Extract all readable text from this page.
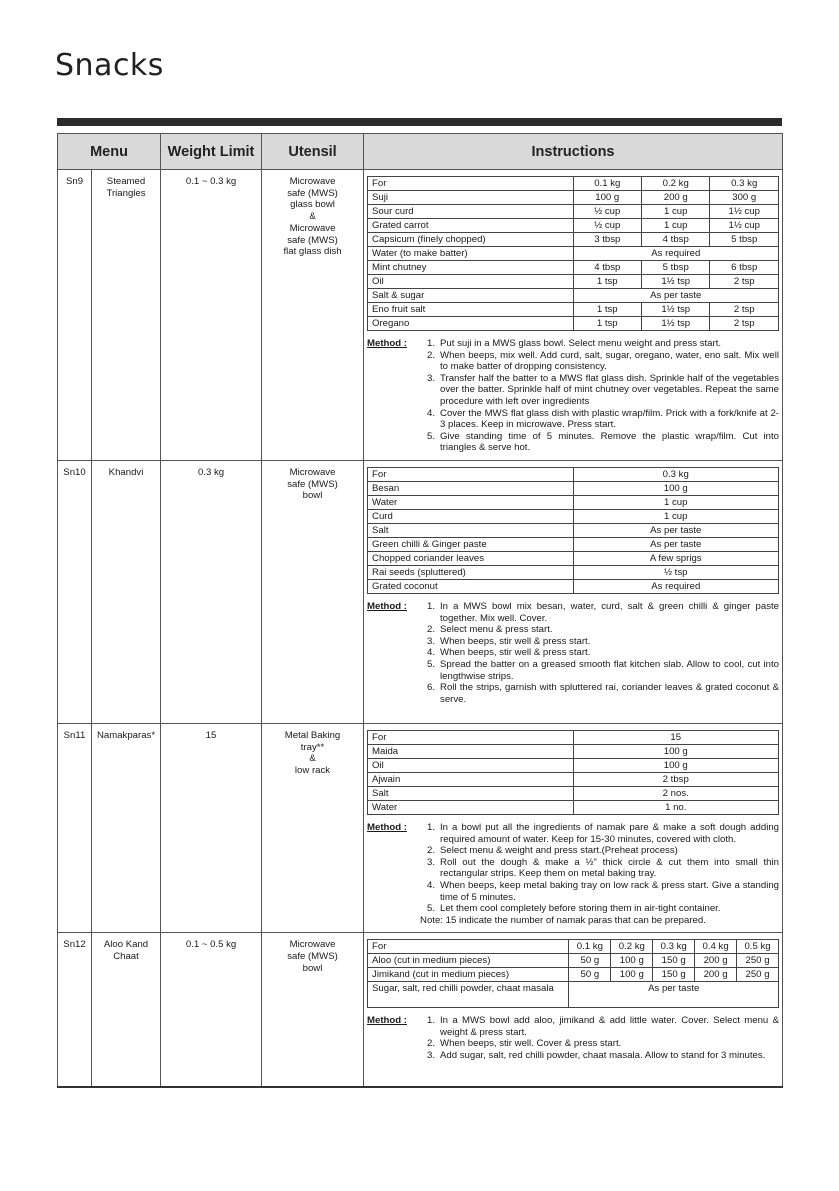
Snacks
Menu	Weight Limit	Utensil	Instructions
Sn9	Steamed
Triangles
	0.1 ~ 0.3 kg	Microwave
safe (MWS)
glass bowl
&
Microwave
safe (MWS)
flat glass dish

For	0.1 kg	0.2 kg	0.3 kg
Suji	100 g	200 g	300 g
Sour curd	½ cup	1 cup	1½ cup
Grated carrot	½ cup	1 cup	1½ cup
Capsicum (finely chopped)	3 tbsp	4 tbsp	5 tbsp
Water (to make batter)	As required
Mint chutney	4 tbsp	5 tbsp	6 tbsp
Oil	1 tsp	1½ tsp	2 tsp
Salt & sugar	As per taste
Eno fruit salt	1 tsp	1½ tsp	2 tsp
Oregano	1 tsp	1½ tsp	2 tsp
Method :	1. Put suji in a MWS glass bowl. Select menu weight and press start.
2. When beeps, mix well. Add curd, salt, sugar, oregano, water, eno salt. Mix well to make batter of dropping consistency.
3. Transfer half the batter to a MWS flat glass dish. Sprinkle half of the vegetables over the batter. Sprinkle half of mint chutney over vegetables. Repeat the same procedure with left over ingredients
4. Cover the MWS flat glass dish with plastic wrap/film. Prick with a fork/knife at 2-3 places. Keep in microwave. Press start.
5. Give standing time of 5 minutes. Remove the plastic wrap/film. Cut into triangles & serve hot.

Sn10	Khandvi	0.3 kg	Microwave
safe (MWS)
bowl

For	0.3 kg
Besan	100 g
Water	1 cup
Curd	1 cup
Salt	As per taste
Green chilli & Ginger paste	As per taste
Chopped coriander leaves	A few sprigs
Rai seeds (spluttered)	½ tsp
Grated coconut	As required
Method :	1. In a MWS bowl mix besan, water, curd, salt & green chilli & ginger paste together. Mix well. Cover.
2. Select menu & press start.
3. When beeps, stir well & press start.
4. When beeps, stir well & press start.
5. Spread the batter on a greased smooth flat kitchen slab. Allow to cool, cut into lengthwise strips.
6. Roll the strips, garnish with spluttered rai, coriander leaves & grated coconut & serve.

Sn11	Namakparas*	15	Metal Baking
tray**
&
low rack

For	15
Maida	100 g
Oil	100 g
Ajwain	2 tbsp
Salt	2 nos.
Water	1 no.
Method :	1. In a bowl put all the ingredients of namak pare & make a soft dough adding required amount of water. Keep for 15-30 minutes, covered with cloth.
2. Select menu & weight and press start.(Preheat process)
3. Roll out the dough & make a ½" thick circle & cut them into small thin rectangular strips. Keep them on metal baking tray.
4. When beeps, keep metal baking tray on low rack & press start. Give a standing time of 5 minutes.
5. Let them cool completely before storing them in air-tight container.
Note: 15 indicate the number of namak paras that can be prepared.

Sn12	Aloo Kand
Chaat
	0.1 ~ 0.5 kg	Microwave
safe (MWS)
bowl

For	0.1 kg	0.2 kg	0.3 kg	0.4 kg	0.5 kg
Aloo (cut in medium pieces)	50 g	100 g	150 g	200 g	250 g
Jimikand (cut in medium pieces)	50 g	100 g	150 g	200 g	250 g
Sugar, salt, red chilli powder, chaat masala	As per taste
Method :	1. In a MWS bowl add aloo, jimikand & add little water. Cover. Select menu & weight & press start.
2. When beeps, stir well. Cover & press start.
3. Add sugar, salt, red chilli powder, chaat masala. Allow to stand for 3 minutes.
